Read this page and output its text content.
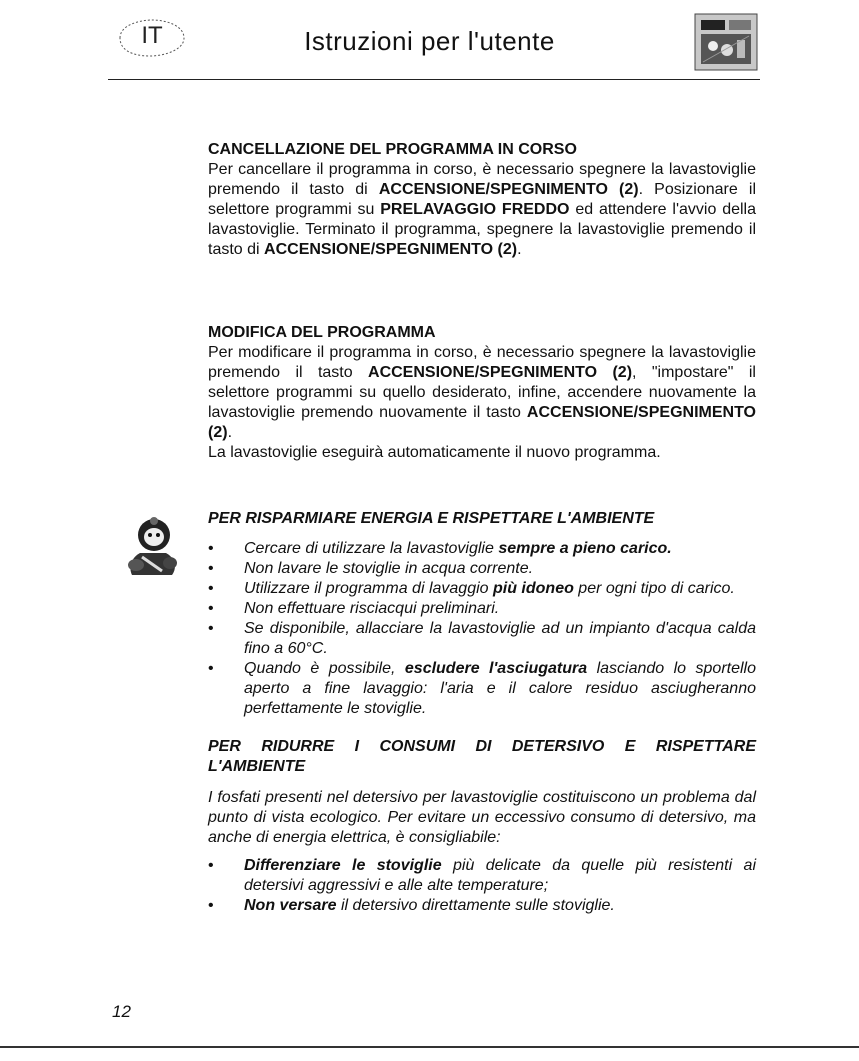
IT	Istruzioni per l'utente
CANCELLAZIONE DEL PROGRAMMA IN CORSO

Per cancellare il programma in corso, è necessario spegnere la lavastoviglie premendo il tasto di ACCENSIONE/SPEGNIMENTO (2). Posizionare il selettore programmi su PRELAVAGGIO FREDDO ed attendere l'avvio della lavastoviglie. Terminato il programma, spegnere la lavastoviglie premendo il tasto di ACCENSIONE/SPEGNIMENTO (2).

MODIFICA DEL PROGRAMMA

Per modificare il programma in corso, è necessario spegnere la lavastoviglie premendo il tasto ACCENSIONE/SPEGNIMENTO (2), "impostare" il selettore programmi su quello desiderato, infine, accendere nuovamente la lavastoviglie premendo nuovamente il tasto ACCENSIONE/SPEGNIMENTO (2).

La lavastoviglie eseguirà automaticamente il nuovo programma.

PER RISPARMIARE ENERGIA E RISPETTARE L'AMBIENTE
•	Cercare di utilizzare la lavastoviglie sempre a pieno carico.
•	Non lavare le stoviglie in acqua corrente.
•	Utilizzare il programma di lavaggio più idoneo per ogni tipo di carico.
•	Non effettuare risciacqui preliminari.
•	Se disponibile, allacciare la lavastoviglie ad un impianto d'acqua calda fino a 60°C.
•	Quando è possibile, escludere l'asciugatura lasciando lo sportello aperto a fine lavaggio: l'aria e il calore residuo asciugheranno perfettamente le stoviglie.
PER RIDURRE I CONSUMI DI DETERSIVO E RISPETTARE
L'AMBIENTE

I fosfati presenti nel detersivo per lavastoviglie costituiscono un problema dal punto di vista ecologico. Per evitare un eccessivo consumo di detersivo, ma anche di energia elettrica, è consigliabile:

•	Differenziare le stoviglie più delicate da quelle più resistenti ai detersivi aggressivi e alle alte temperature;
•	Non versare il detersivo direttamente sulle stoviglie.
12
